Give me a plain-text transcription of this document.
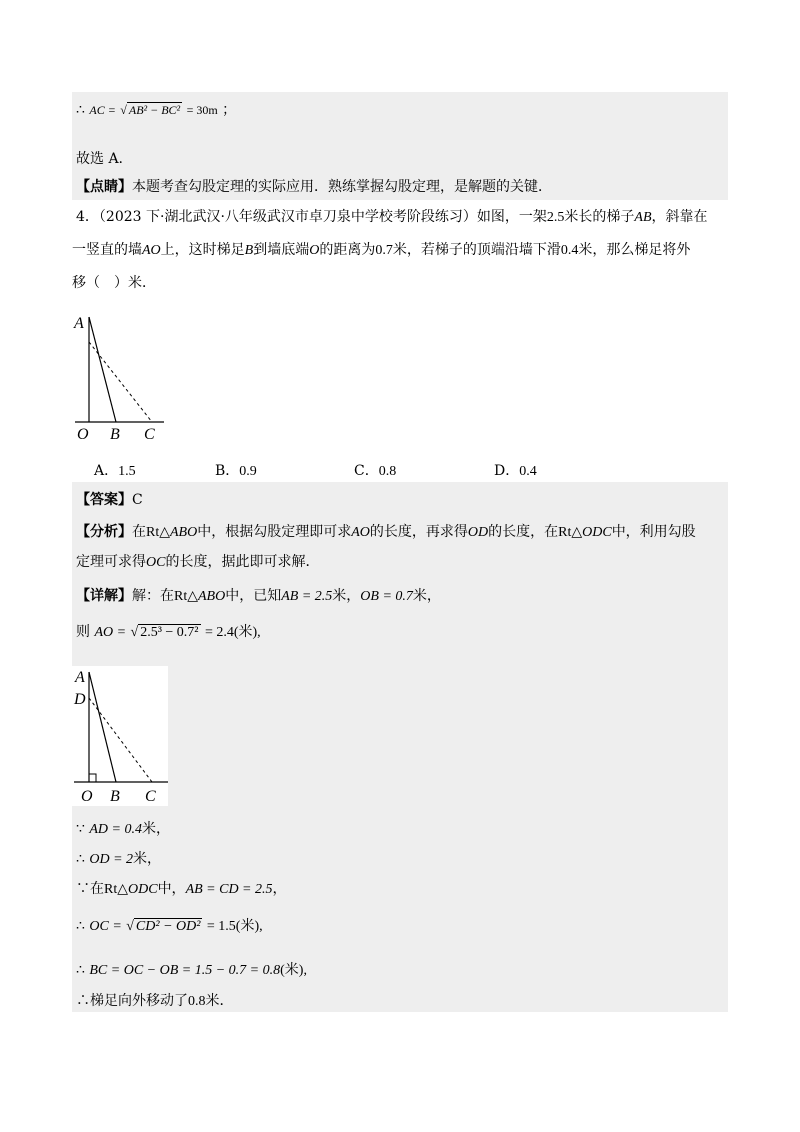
∴ AC = √ AB² − BC² = 30m ；
故选 A.
【点睛】本题考查勾股定理的实际应用．熟练掌握勾股定理，是解题的关键．
4．（2023 下·湖北武汉·八年级武汉市卓刀泉中学校考阶段练习）如图，一架2.5米长的梯子AB，斜靠在
一竖直的墙AO上，这时梯足B到墙底端O的距离为0.7米，若梯子的顶端沿墙下滑0.4米，那么梯足将外
移（　）米．
A
O B C
A．1.5	B．0.9	C．0.8	D．0.4
【答案】C
【分析】在Rt△ABO中，根据勾股定理即可求AO的长度，再求得OD的长度，在Rt△ODC中，利用勾股
定理可求得OC的长度，据此即可求解．
【详解】解：在Rt△ABO中，已知AB = 2.5米，OB = 0.7米，
则 AO = √ 2.5³ − 0.7² = 2.4(米),
A
D
O B C
∵ AD = 0.4米，
∴ OD = 2米，
∵在Rt△ODC中，AB = CD = 2.5，
∴ OC = √ CD² − OD² = 1.5(米),
∴ BC = OC − OB = 1.5 − 0.7 = 0.8(米),
∴梯足向外移动了0.8米．
